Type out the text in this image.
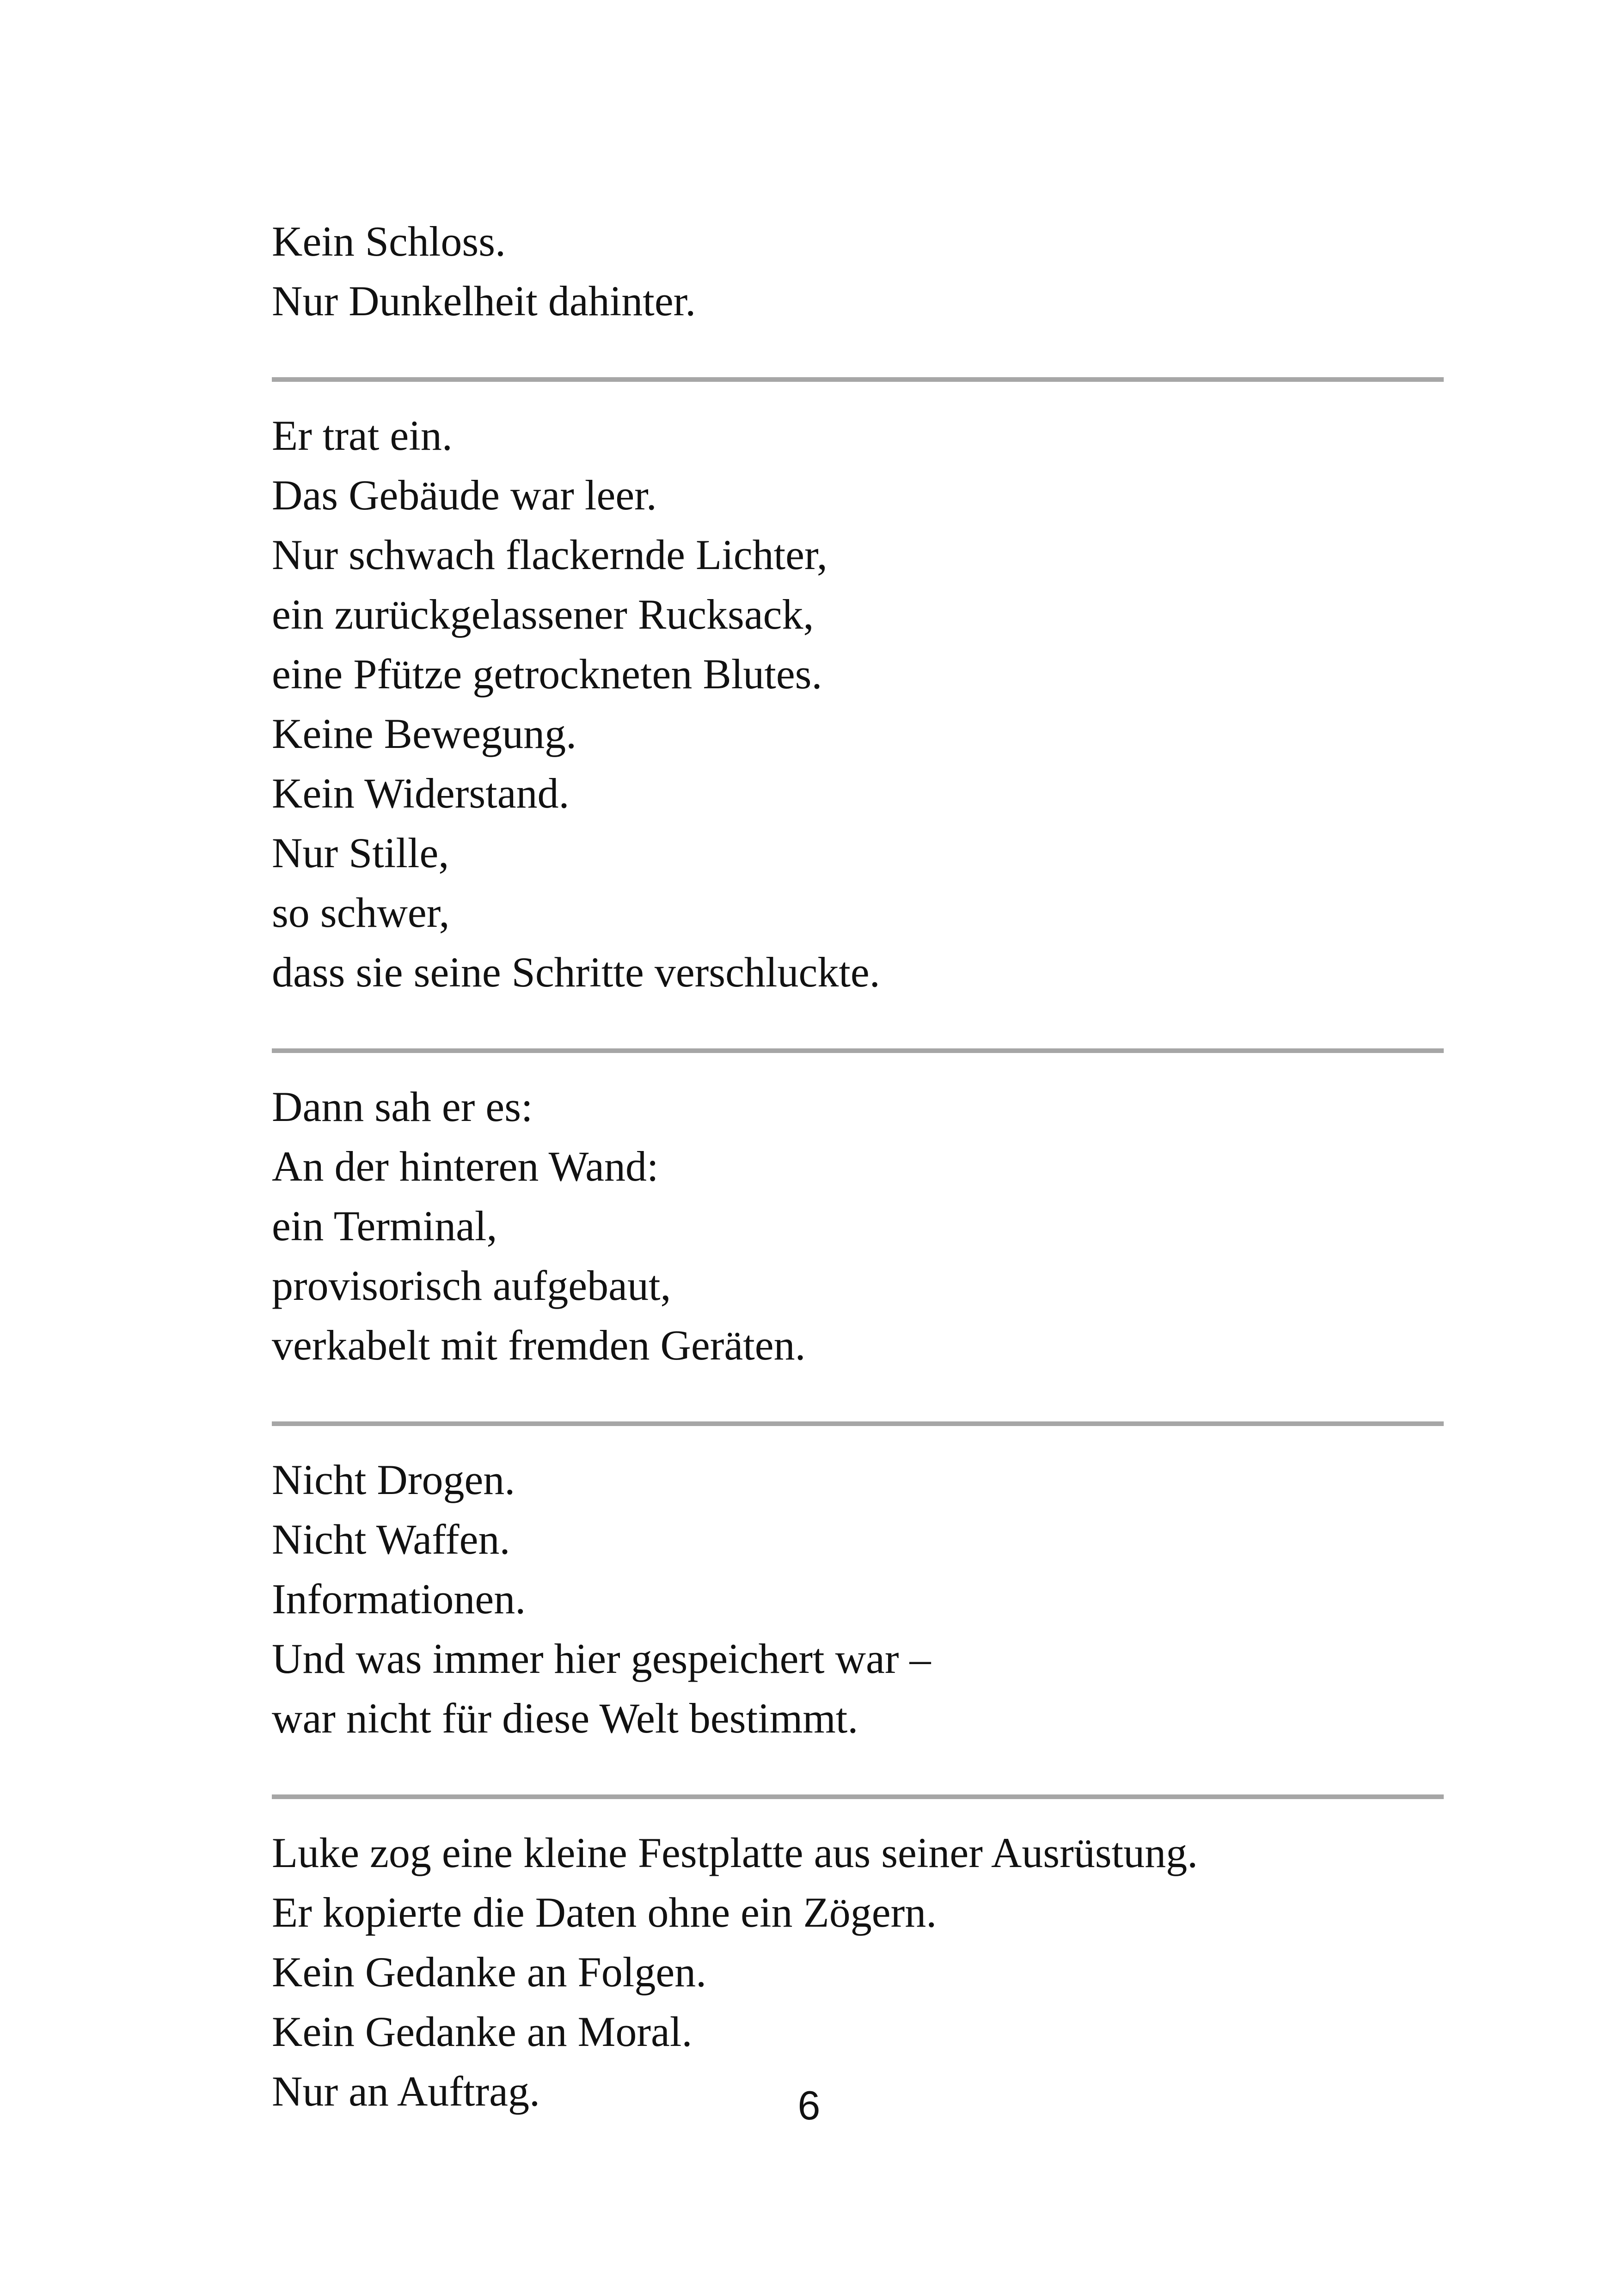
Kein Schloss.
Nur Dunkelheit dahinter.
Er trat ein.
Das Gebäude war leer.
Nur schwach flackernde Lichter,
ein zurückgelassener Rucksack,
eine Pfütze getrockneten Blutes.
Keine Bewegung.
Kein Widerstand.
Nur Stille,
so schwer,
dass sie seine Schritte verschluckte.
Dann sah er es:
An der hinteren Wand:
ein Terminal,
provisorisch aufgebaut,
verkabelt mit fremden Geräten.
Nicht Drogen.
Nicht Waffen.
Informationen.
Und was immer hier gespeichert war –
war nicht für diese Welt bestimmt.
Luke zog eine kleine Festplatte aus seiner Ausrüstung.
Er kopierte die Daten ohne ein Zögern.
Kein Gedanke an Folgen.
Kein Gedanke an Moral.
Nur an Auftrag.	6
